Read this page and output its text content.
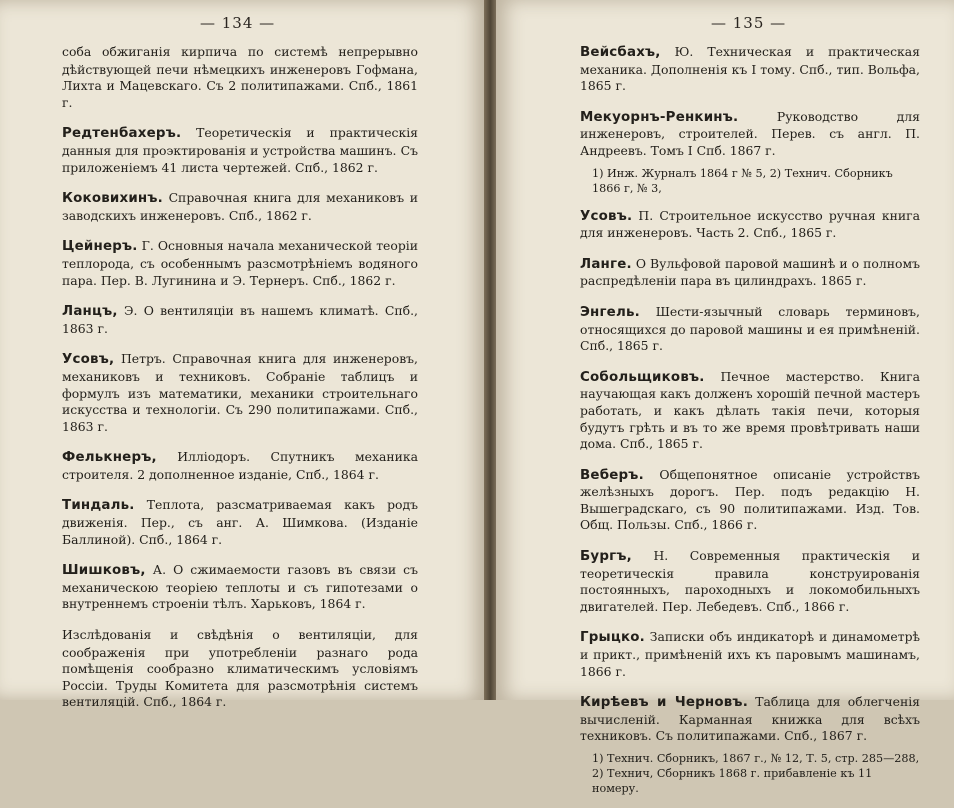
— 134 —

соба обжиганія кирпича по системѣ непрерывно дѣйствующей печи нѣмецкихъ инженеровъ Гофмана, Лихта и Мацевскаго. Съ 2 политипажами. Спб., 1861 г.

Редтенбахеръ. Теоретическія и практическія данныя для проэктированія и устройства машинъ. Съ приложеніемъ 41 листа чертежей. Спб., 1862 г.

Коковихинъ. Справочная книга для механиковъ и заводскихъ инженеровъ. Спб., 1862 г.

Цейнеръ. Г. Основныя начала механической теоріи теплорода, съ особеннымъ разсмотрѣніемъ водяного пара. Пер. В. Лугинина и Э. Тернеръ. Спб., 1862 г.

Ланцъ, Э. О вентиляціи въ нашемъ климатѣ. Спб., 1863 г.

Усовъ, Петръ. Справочная книга для инженеровъ, механиковъ и техниковъ. Собраніе таблицъ и формулъ изъ математики, механики строительнаго искусства и технологіи. Съ 290 политипажами. Спб., 1863 г.

Фелькнеръ, Иллiодоръ. Спутникъ механика строителя. 2 дополненное изданіе, Спб., 1864 г.

Тиндаль. Теплота, разсматриваемая какъ родъ движенія. Пер., съ анг. А. Шимкова. (Изданіе Баллиной). Спб., 1864 г.

Шишковъ, А. О сжимаемости газовъ въ связи съ механическою теоріею теплоты и съ гипотезами о внутреннемъ строеніи тѣлъ. Харьковъ, 1864 г.

Изслѣдованія и свѣдѣнія о вентиляціи, для соображенія при употребленіи разнаго рода помѣщенія сообразно климатическимъ условіямъ Россіи. Труды Комитета для разсмотрѣнія системъ вентиляцій. Спб., 1864 г.

— 135 —

Вейсбахъ, Ю. Техническая и практическая механика. Дополненія къ I тому. Спб., тип. Вольфа, 1865 г.

Мекуорнъ-Ренкинъ. Руководство для инженеровъ, строителей. Перев. съ англ. П. Андреевъ. Томъ I Спб. 1867 г.

1) Инж. Журналъ 1864 г № 5, 2) Технич. Сборникъ 1866 г, № 3,

Усовъ. П. Строительное искусство ручная книга для инженеровъ. Часть 2. Спб., 1865 г.

Ланге. О Вульфовой паровой машинѣ и о полномъ распредѣленіи пара въ цилиндрахъ. 1865 г.

Энгель. Шести-язычный словарь терминовъ, относящихся до паровой машины и ея примѣненій. Спб., 1865 г.

Собольщиковъ. Печное мастерство. Книга научающая какъ долженъ хорошій печной мастеръ работать, и какъ дѣлать такія печи, которыя будутъ грѣть и въ то же время провѣтривать наши дома. Спб., 1865 г.

Веберъ. Общепонятное описаніе устройствъ желѣзныхъ дорогъ. Пер. подъ редакцію Н. Вышеградскаго, съ 90 политипажами. Изд. Тов. Общ. Пользы. Спб., 1866 г.

Бургъ, Н. Современныя практическія и теоретическія правила конструированія постоянныхъ, пароходныхъ и локомобильныхъ двигателей. Пер. Лебедевъ. Спб., 1866 г.

Грыцко. Записки объ индикаторѣ и динамометрѣ и прикт., примѣненій ихъ къ паровымъ машинамъ, 1866 г.

Кирѣевъ и Черновъ. Таблица для облегченія вычисленій. Карманная книжка для всѣхъ техниковъ. Съ политипажами. Спб., 1867 г.

1) Технич. Сборникъ, 1867 г., № 12, Т. 5, стр. 285—288,

2) Технич, Сборникъ 1868 г. прибавленіе къ 11 номеру.
